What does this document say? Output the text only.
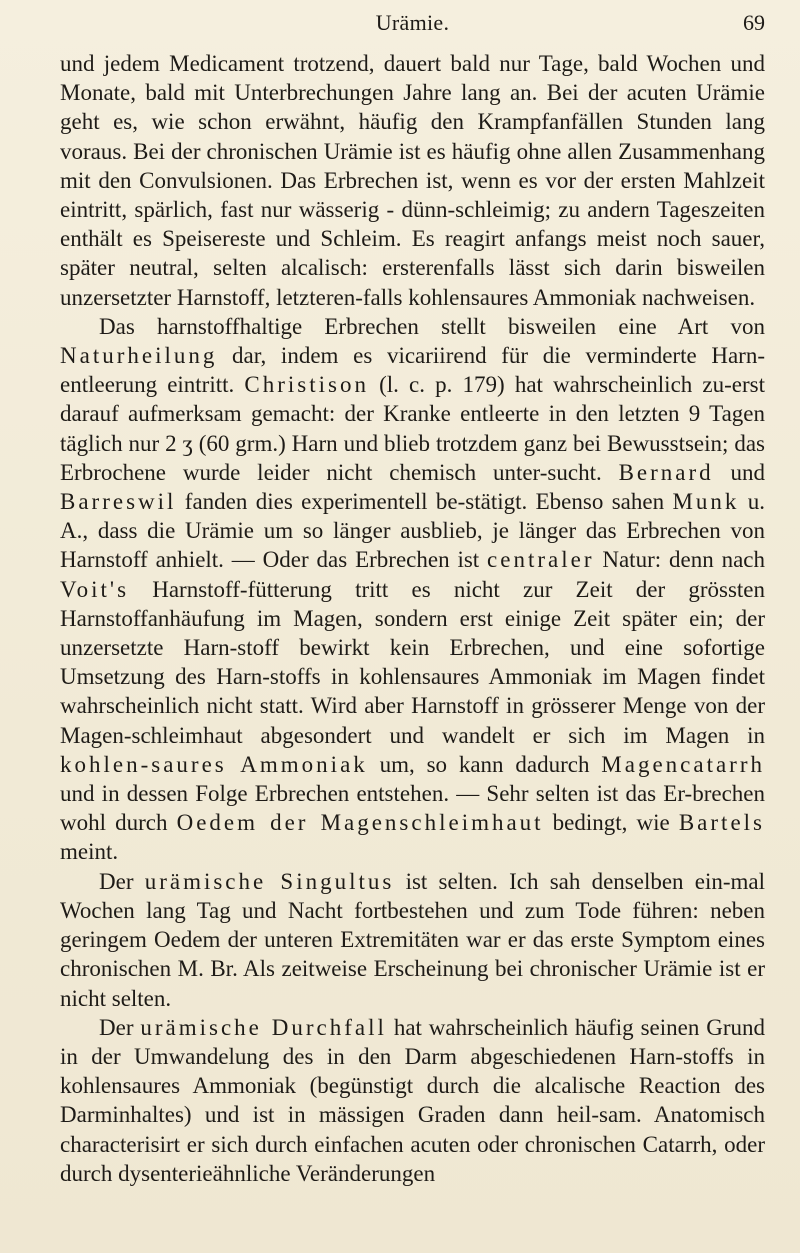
Urämie.	69

und jedem Medicament trotzend, dauert bald nur Tage, bald Wochen und Monate, bald mit Unterbrechungen Jahre lang an. Bei der acuten Urämie geht es, wie schon erwähnt, häufig den Krampfanfällen Stunden lang voraus. Bei der chronischen Urämie ist es häufig ohne allen Zusammenhang mit den Convulsionen. Das Erbrechen ist, wenn es vor der ersten Mahlzeit eintritt, spärlich, fast nur wässerig - dünn-schleimig; zu andern Tageszeiten enthält es Speisereste und Schleim. Es reagirt anfangs meist noch sauer, später neutral, selten alcalisch: ersterenfalls lässt sich darin bisweilen unzersetzter Harnstoff, letzteren-falls kohlensaures Ammoniak nachweisen.

Das harnstoffhaltige Erbrechen stellt bisweilen eine Art von Naturheilung dar, indem es vicariirend für die verminderte Harn-entleerung eintritt. Christison (l. c. p. 179) hat wahrscheinlich zu-erst darauf aufmerksam gemacht: der Kranke entleerte in den letzten 9 Tagen täglich nur 2 ʒ (60 grm.) Harn und blieb trotzdem ganz bei Bewusstsein; das Erbrochene wurde leider nicht chemisch unter-sucht. Bernard und Barreswil fanden dies experimentell be-stätigt. Ebenso sahen Munk u. A., dass die Urämie um so länger ausblieb, je länger das Erbrechen von Harnstoff anhielt. — Oder das Erbrechen ist centraler Natur: denn nach Voit's Harnstoff-fütterung tritt es nicht zur Zeit der grössten Harnstoffanhäufung im Magen, sondern erst einige Zeit später ein; der unzersetzte Harn-stoff bewirkt kein Erbrechen, und eine sofortige Umsetzung des Harn-stoffs in kohlensaures Ammoniak im Magen findet wahrscheinlich nicht statt. Wird aber Harnstoff in grösserer Menge von der Magen-schleimhaut abgesondert und wandelt er sich im Magen in kohlen-saures Ammoniak um, so kann dadurch Magencatarrh und in dessen Folge Erbrechen entstehen. — Sehr selten ist das Er-brechen wohl durch Oedem der Magenschleimhaut bedingt, wie Bartels meint.

Der urämische Singultus ist selten. Ich sah denselben ein-mal Wochen lang Tag und Nacht fortbestehen und zum Tode führen: neben geringem Oedem der unteren Extremitäten war er das erste Symptom eines chronischen M. Br. Als zeitweise Erscheinung bei chronischer Urämie ist er nicht selten.

Der urämische Durchfall hat wahrscheinlich häufig seinen Grund in der Umwandelung des in den Darm abgeschiedenen Harn-stoffs in kohlensaures Ammoniak (begünstigt durch die alcalische Reaction des Darminhaltes) und ist in mässigen Graden dann heil-sam. Anatomisch characterisirt er sich durch einfachen acuten oder chronischen Catarrh, oder durch dysenterieähnliche Veränderungen
